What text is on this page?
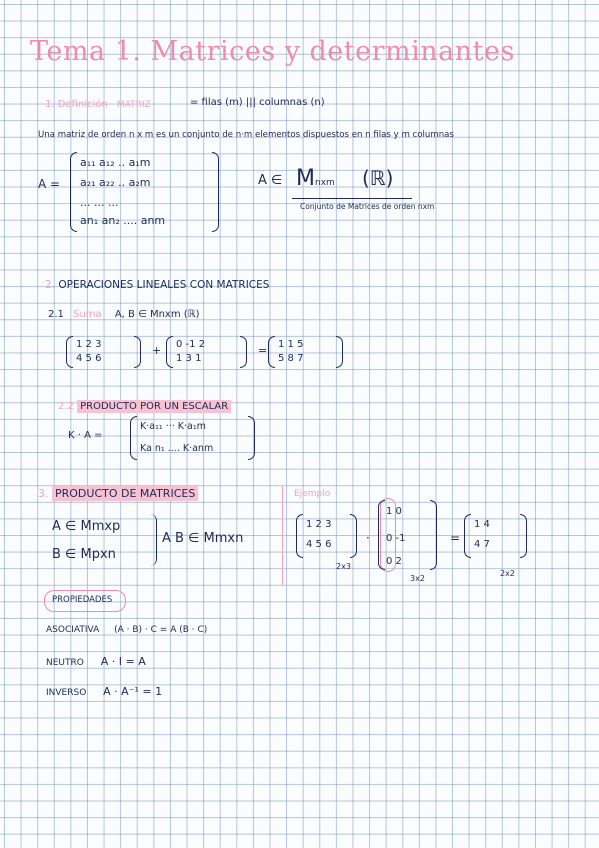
Tema 1. Matrices y determinantes
1. Definición MATRIZ	= filas (m) ||| columnas (n)
Una matriz de orden n x m es un conjunto de n·m elementos dispuestos en n filas y m columnas
A =
a₁₁ a₁₂ .. a₁m
a₂₁ a₂₂ .. a₂m
... ... ...
an₁ an₂ .... anm
A ∈ Mnxm (ℝ)
Conjunto de Matrices de orden nxm
2. OPERACIONES LINEALES CON MATRICES
2.1 Suma A, B ∈ Mnxm (ℝ)
1 2 3
4 5 6
+ 0 -1 2
1 3 1
= 1 1 5
5 8 7
2.2 PRODUCTO POR UN ESCALAR
K · A =
K·a₁₁ ··· K·a₁m
Ka n₁ .... K·anm
3. PRODUCTO DE MATRICES
A ∈ Mmxp
B ∈ Mpxn
A B ∈ Mmxn
Ejemplo
1 2 3
4 5 6
2x3
·
1 0
0 -1
0 2
3x2
=
1 4
4 7
2x2
PROPIEDADES
ASOCIATIVA (A · B) · C = A (B · C)
NEUTRO A · I = A
INVERSO A · A⁻¹ = 1
